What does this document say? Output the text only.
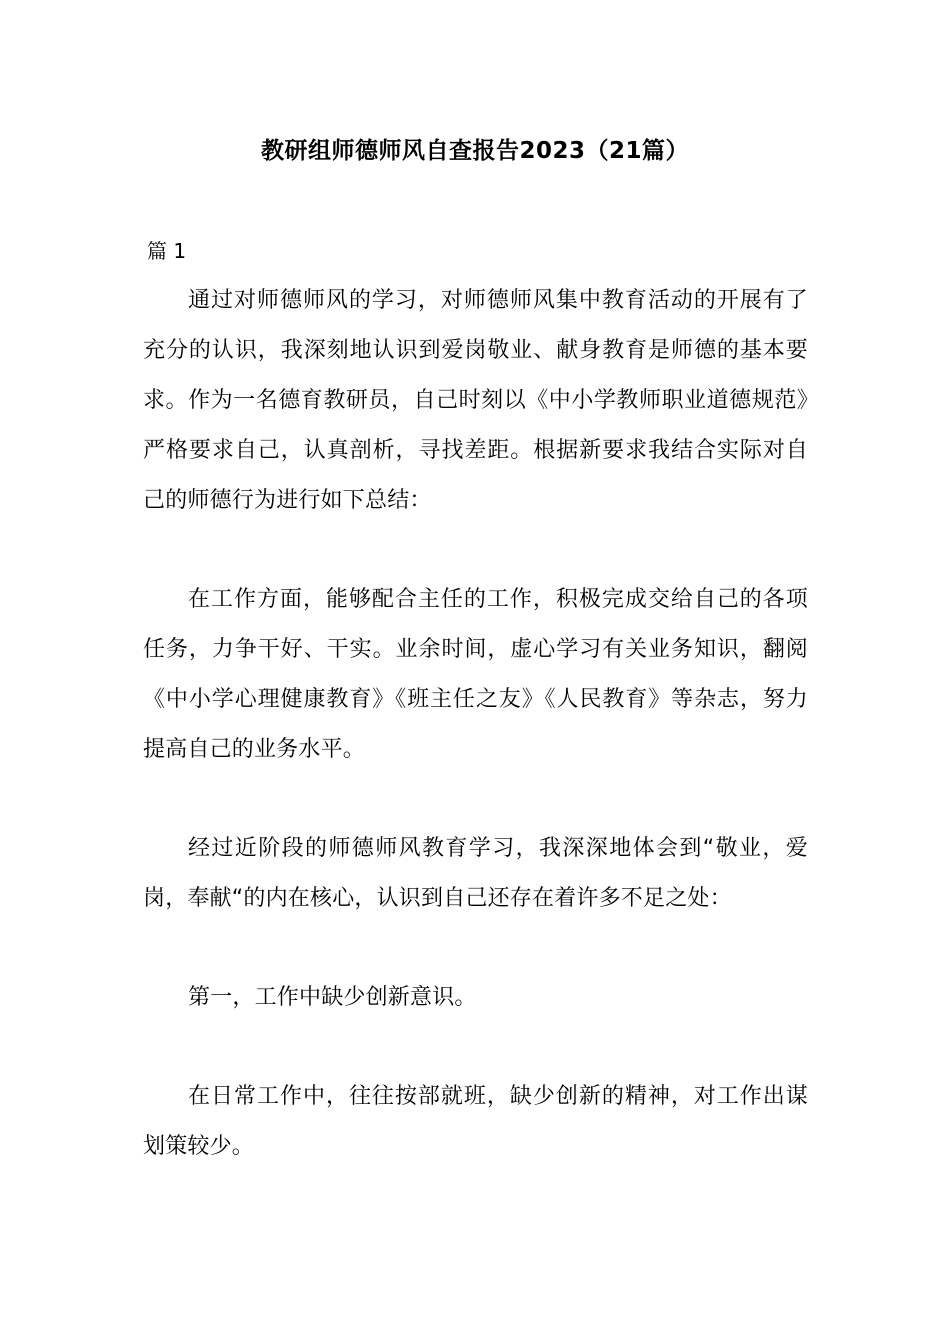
教研组师德师风自查报告2023（21篇）
篇 1
通过对师德师风的学习，对师德师风集中教育活动的开展有了充分的认识，我深刻地认识到爱岗敬业、献身教育是师德的基本要求。作为一名德育教研员，自己时刻以《中小学教师职业道德规范》严格要求自己，认真剖析，寻找差距。根据新要求我结合实际对自己的师德行为进行如下总结：
在工作方面，能够配合主任的工作，积极完成交给自己的各项任务，力争干好、干实。业余时间，虚心学习有关业务知识，翻阅《中小学心理健康教育》《班主任之友》《人民教育》等杂志，努力提高自己的业务水平。
经过近阶段的师德师风教育学习，我深深地体会到“敬业，爱岗，奉献“的内在核心，认识到自己还存在着许多不足之处：
第一，工作中缺少创新意识。
在日常工作中，往往按部就班，缺少创新的精神，对工作出谋划策较少。
